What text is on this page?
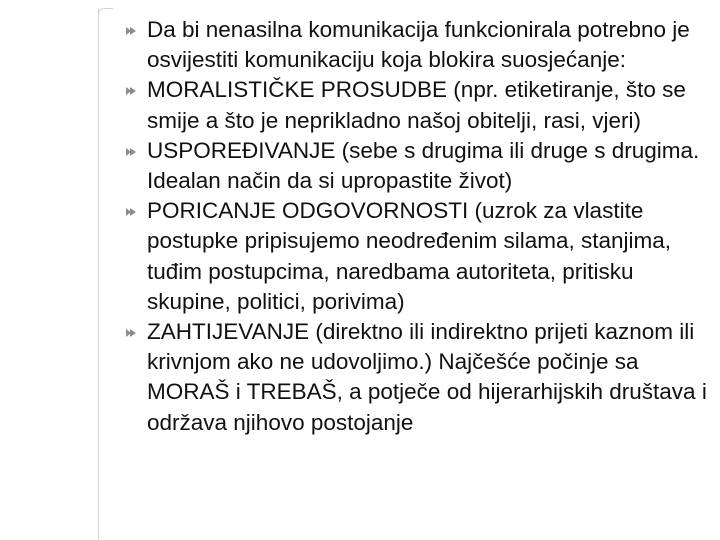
Da bi nenasilna komunikacija funkcionirala potrebno je osvijestiti komunikaciju koja blokira suosjećanje:

MORALISTIČKE PROSUDBE (npr. etiketiranje, što se smije a što je neprikladno našoj obitelji, rasi, vjeri)

USPOREĐIVANJE (sebe s drugima ili druge s drugima. Idealan način da si upropastite život)

PORICANJE ODGOVORNOSTI (uzrok za vlastite postupke pripisujemo neodređenim silama, stanjima, tuđim postupcima, naredbama autoriteta, pritisku skupine, politici, porivima)

ZAHTIJEVANJE (direktno ili indirektno prijeti kaznom ili krivnjom ako ne udovoljimo.) Najčešće počinje sa MORAŠ i TREBAŠ, a potječe od hijerarhijskih društava i održava njihovo postojanje
